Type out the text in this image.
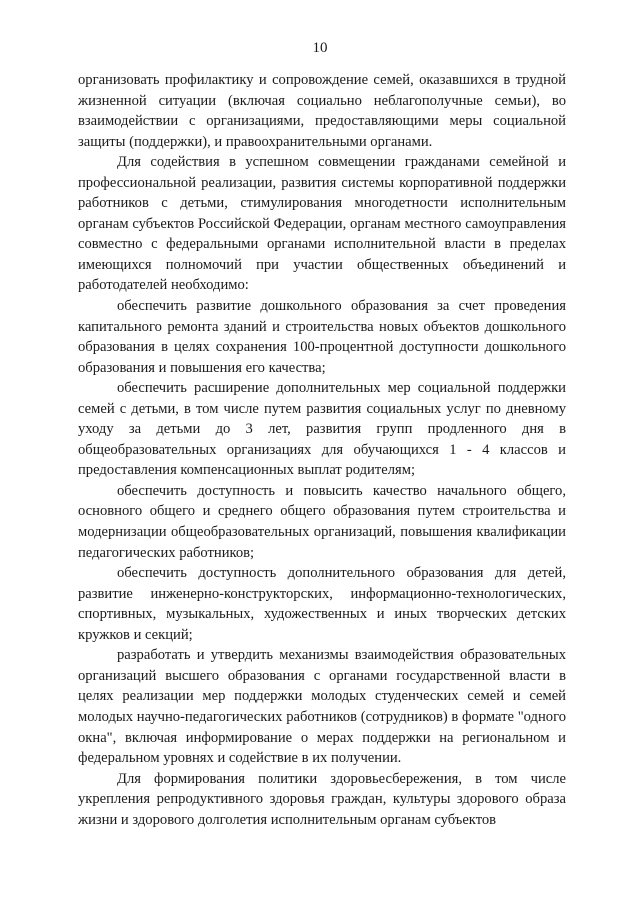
10

организовать профилактику и сопровождение семей, оказавшихся в трудной жизненной ситуации (включая социально неблагополучные семьи), во взаимодействии с организациями, предоставляющими меры социальной защиты (поддержки), и правоохранительными органами.

Для содействия в успешном совмещении гражданами семейной и профессиональной реализации, развития системы корпоративной поддержки работников с детьми, стимулирования многодетности исполнительным органам субъектов Российской Федерации, органам местного самоуправления совместно с федеральными органами исполнительной власти в пределах имеющихся полномочий при участии общественных объединений и работодателей необходимо:

обеспечить развитие дошкольного образования за счет проведения капитального ремонта зданий и строительства новых объектов дошкольного образования в целях сохранения 100-процентной доступности дошкольного образования и повышения его качества;

обеспечить расширение дополнительных мер социальной поддержки семей с детьми, в том числе путем развития социальных услуг по дневному уходу за детьми до 3 лет, развития групп продленного дня в общеобразовательных организациях для обучающихся 1 - 4 классов и предоставления компенсационных выплат родителям;

обеспечить доступность и повысить качество начального общего, основного общего и среднего общего образования путем строительства и модернизации общеобразовательных организаций, повышения квалификации педагогических работников;

обеспечить доступность дополнительного образования для детей, развитие инженерно-конструкторских, информационно-технологических, спортивных, музыкальных, художественных и иных творческих детских кружков и секций;

разработать и утвердить механизмы взаимодействия образовательных организаций высшего образования с органами государственной власти в целях реализации мер поддержки молодых студенческих семей и семей молодых научно-педагогических работников (сотрудников) в формате "одного окна", включая информирование о мерах поддержки на региональном и федеральном уровнях и содействие в их получении.

Для формирования политики здоровьесбережения, в том числе укрепления репродуктивного здоровья граждан, культуры здорового образа жизни и здорового долголетия исполнительным органам субъектов
